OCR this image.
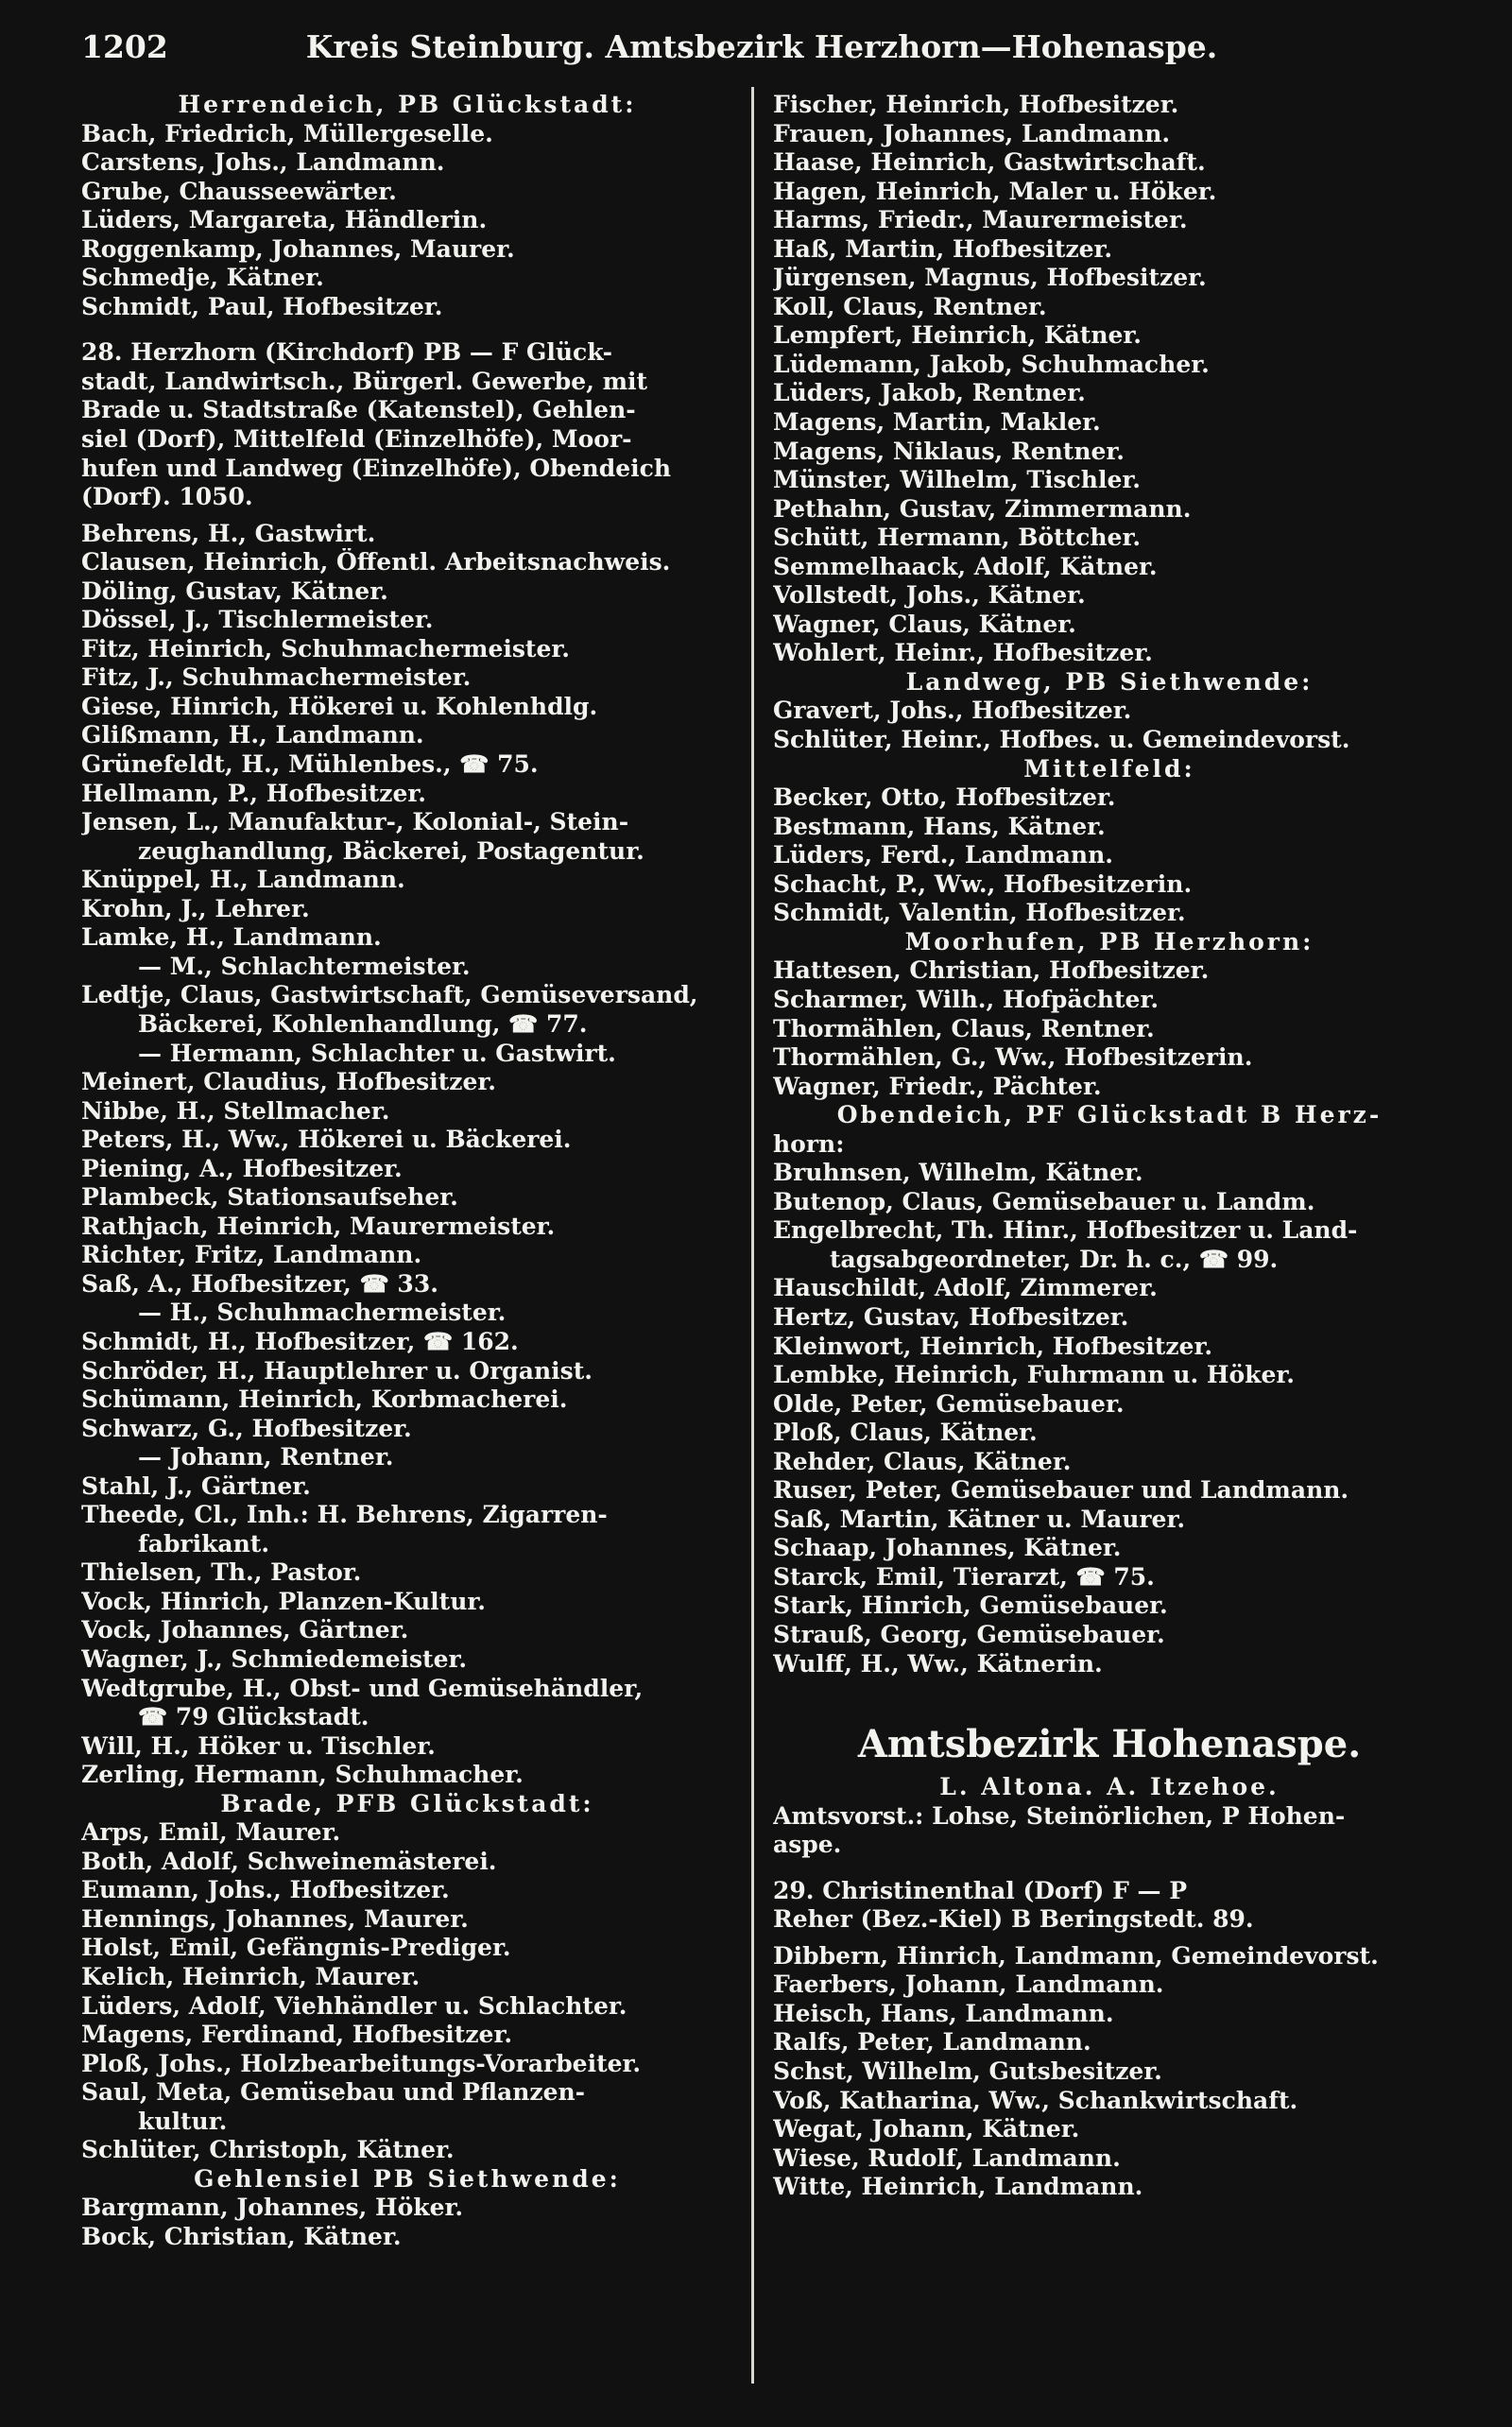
1202	Kreis Steinburg. Amtsbezirk Herzhorn—Hohenaspe.
Herrendeich, PB Glückstadt:
Bach, Friedrich, Müllergeselle.
Carstens, Johs., Landmann.
Grube, Chausseewärter.
Lüders, Margareta, Händlerin.
Roggenkamp, Johannes, Maurer.
Schmedje, Kätner.
Schmidt, Paul, Hofbesitzer.
28. Herzhorn (Kirchdorf) PB — F Glück-
stadt, Landwirtsch., Bürgerl. Gewerbe, mit
Brade u. Stadtstraße (Katenstel), Gehlen-
siel (Dorf), Mittelfeld (Einzelhöfe), Moor-
hufen und Landweg (Einzelhöfe), Obendeich
(Dorf). 1050.
Behrens, H., Gastwirt.
Clausen, Heinrich, Öffentl. Arbeitsnachweis.
Döling, Gustav, Kätner.
Dössel, J., Tischlermeister.
Fitz, Heinrich, Schuhmachermeister.
Fitz, J., Schuhmachermeister.
Giese, Hinrich, Hökerei u. Kohlenhdlg.
Glißmann, H., Landmann.
Grünefeldt, H., Mühlenbes., ☎ 75.
Hellmann, P., Hofbesitzer.
Jensen, L., Manufaktur-, Kolonial-, Stein-
zeughandlung, Bäckerei, Postagentur.
Knüppel, H., Landmann.
Krohn, J., Lehrer.
Lamke, H., Landmann.
— M., Schlachtermeister.
Ledtje, Claus, Gastwirtschaft, Gemüseversand,
Bäckerei, Kohlenhandlung, ☎ 77.
— Hermann, Schlachter u. Gastwirt.
Meinert, Claudius, Hofbesitzer.
Nibbe, H., Stellmacher.
Peters, H., Ww., Hökerei u. Bäckerei.
Piening, A., Hofbesitzer.
Plambeck, Stationsaufseher.
Rathjach, Heinrich, Maurermeister.
Richter, Fritz, Landmann.
Saß, A., Hofbesitzer, ☎ 33.
— H., Schuhmachermeister.
Schmidt, H., Hofbesitzer, ☎ 162.
Schröder, H., Hauptlehrer u. Organist.
Schümann, Heinrich, Korbmacherei.
Schwarz, G., Hofbesitzer.
— Johann, Rentner.
Stahl, J., Gärtner.
Theede, Cl., Inh.: H. Behrens, Zigarren-
fabrikant.
Thielsen, Th., Pastor.
Vock, Hinrich, Planzen-Kultur.
Vock, Johannes, Gärtner.
Wagner, J., Schmiedemeister.
Wedtgrube, H., Obst- und Gemüsehändler,
☎ 79 Glückstadt.
Will, H., Höker u. Tischler.
Zerling, Hermann, Schuhmacher.
Brade, PFB Glückstadt:
Arps, Emil, Maurer.
Both, Adolf, Schweinemästerei.
Eumann, Johs., Hofbesitzer.
Hennings, Johannes, Maurer.
Holst, Emil, Gefängnis-Prediger.
Kelich, Heinrich, Maurer.
Lüders, Adolf, Viehhändler u. Schlachter.
Magens, Ferdinand, Hofbesitzer.
Ploß, Johs., Holzbearbeitungs-Vorarbeiter.
Saul, Meta, Gemüsebau und Pflanzen-
kultur.
Schlüter, Christoph, Kätner.
Gehlensiel PB Siethwende:
Bargmann, Johannes, Höker.
Bock, Christian, Kätner.
Fischer, Heinrich, Hofbesitzer.
Frauen, Johannes, Landmann.
Haase, Heinrich, Gastwirtschaft.
Hagen, Heinrich, Maler u. Höker.
Harms, Friedr., Maurermeister.
Haß, Martin, Hofbesitzer.
Jürgensen, Magnus, Hofbesitzer.
Koll, Claus, Rentner.
Lempfert, Heinrich, Kätner.
Lüdemann, Jakob, Schuhmacher.
Lüders, Jakob, Rentner.
Magens, Martin, Makler.
Magens, Niklaus, Rentner.
Münster, Wilhelm, Tischler.
Pethahn, Gustav, Zimmermann.
Schütt, Hermann, Böttcher.
Semmelhaack, Adolf, Kätner.
Vollstedt, Johs., Kätner.
Wagner, Claus, Kätner.
Wohlert, Heinr., Hofbesitzer.
Landweg, PB Siethwende:
Gravert, Johs., Hofbesitzer.
Schlüter, Heinr., Hofbes. u. Gemeindevorst.
Mittelfeld:
Becker, Otto, Hofbesitzer.
Bestmann, Hans, Kätner.
Lüders, Ferd., Landmann.
Schacht, P., Ww., Hofbesitzerin.
Schmidt, Valentin, Hofbesitzer.
Moorhufen, PB Herzhorn:
Hattesen, Christian, Hofbesitzer.
Scharmer, Wilh., Hofpächter.
Thormählen, Claus, Rentner.
Thormählen, G., Ww., Hofbesitzerin.
Wagner, Friedr., Pächter.
Obendeich, PF Glückstadt B Herz-
horn:
Bruhnsen, Wilhelm, Kätner.
Butenop, Claus, Gemüsebauer u. Landm.
Engelbrecht, Th. Hinr., Hofbesitzer u. Land-
tagsabgeordneter, Dr. h. c., ☎ 99.
Hauschildt, Adolf, Zimmerer.
Hertz, Gustav, Hofbesitzer.
Kleinwort, Heinrich, Hofbesitzer.
Lembke, Heinrich, Fuhrmann u. Höker.
Olde, Peter, Gemüsebauer.
Ploß, Claus, Kätner.
Rehder, Claus, Kätner.
Ruser, Peter, Gemüsebauer und Landmann.
Saß, Martin, Kätner u. Maurer.
Schaap, Johannes, Kätner.
Starck, Emil, Tierarzt, ☎ 75.
Stark, Hinrich, Gemüsebauer.
Strauß, Georg, Gemüsebauer.
Wulff, H., Ww., Kätnerin.
Amtsbezirk Hohenaspe.
L. Altona. A. Itzehoe.
Amtsvorst.: Lohse, Steinörlichen, P Hohen-
aspe.
29. Christinenthal (Dorf) F — P
Reher (Bez.-Kiel) B Beringstedt. 89.
Dibbern, Hinrich, Landmann, Gemeindevorst.
Faerbers, Johann, Landmann.
Heisch, Hans, Landmann.
Ralfs, Peter, Landmann.
Schst, Wilhelm, Gutsbesitzer.
Voß, Katharina, Ww., Schankwirtschaft.
Wegat, Johann, Kätner.
Wiese, Rudolf, Landmann.
Witte, Heinrich, Landmann.
